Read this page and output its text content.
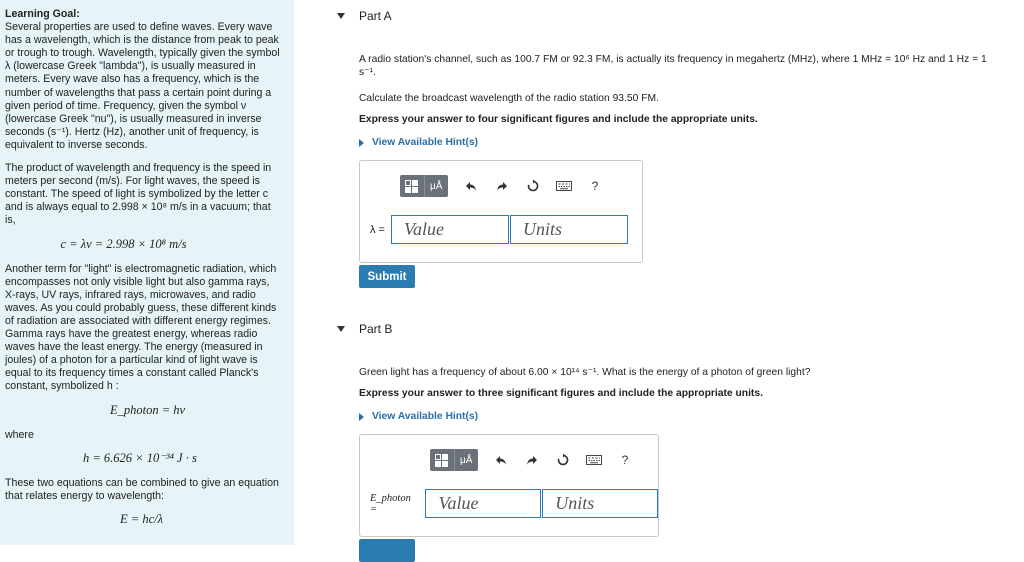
Learning Goal:

Several properties are used to define waves. Every wave has a wavelength, which is the distance from peak to peak or trough to trough. Wavelength, typically given the symbol λ (lowercase Greek "lambda"), is usually measured in meters. Every wave also has a frequency, which is the number of wavelengths that pass a certain point during a given period of time. Frequency, given the symbol ν (lowercase Greek "nu"), is usually measured in inverse seconds (s⁻¹). Hertz (Hz), another unit of frequency, is equivalent to inverse seconds.

The product of wavelength and frequency is the speed in meters per second (m/s). For light waves, the speed is constant. The speed of light is symbolized by the letter c and is always equal to 2.998 × 10⁸ m/s in a vacuum; that is,

c = λν = 2.998 × 10⁸ m/s

Another term for "light" is electromagnetic radiation, which encompasses not only visible light but also gamma rays, X-rays, UV rays, infrared rays, microwaves, and radio waves. As you could probably guess, these different kinds of radiation are associated with different energy regimes. Gamma rays have the greatest energy, whereas radio waves have the least energy. The energy (measured in joules) of a photon for a particular kind of light wave is equal to its frequency times a constant called Planck's constant, symbolized h :

E_photon = hν

where

h = 6.626 × 10⁻³⁴ J · s

These two equations can be combined to give an equation that relates energy to wavelength:

E = hc/λ
Part A
A radio station's channel, such as 100.7 FM or 92.3 FM, is actually its frequency in megahertz (MHz), where 1 MHz = 10⁶ Hz and 1 Hz = 1 s⁻¹.
Calculate the broadcast wavelength of the radio station 93.50 FM.
Express your answer to four significant figures and include the appropriate units.
View Available Hint(s)
μÅ	?
λ =	Value	Units
Submit
Part B
Green light has a frequency of about 6.00 × 10¹⁴ s⁻¹. What is the energy of a photon of green light?
Express your answer to three significant figures and include the appropriate units.
View Available Hint(s)
μÅ	?
E_photon =	Value	Units
